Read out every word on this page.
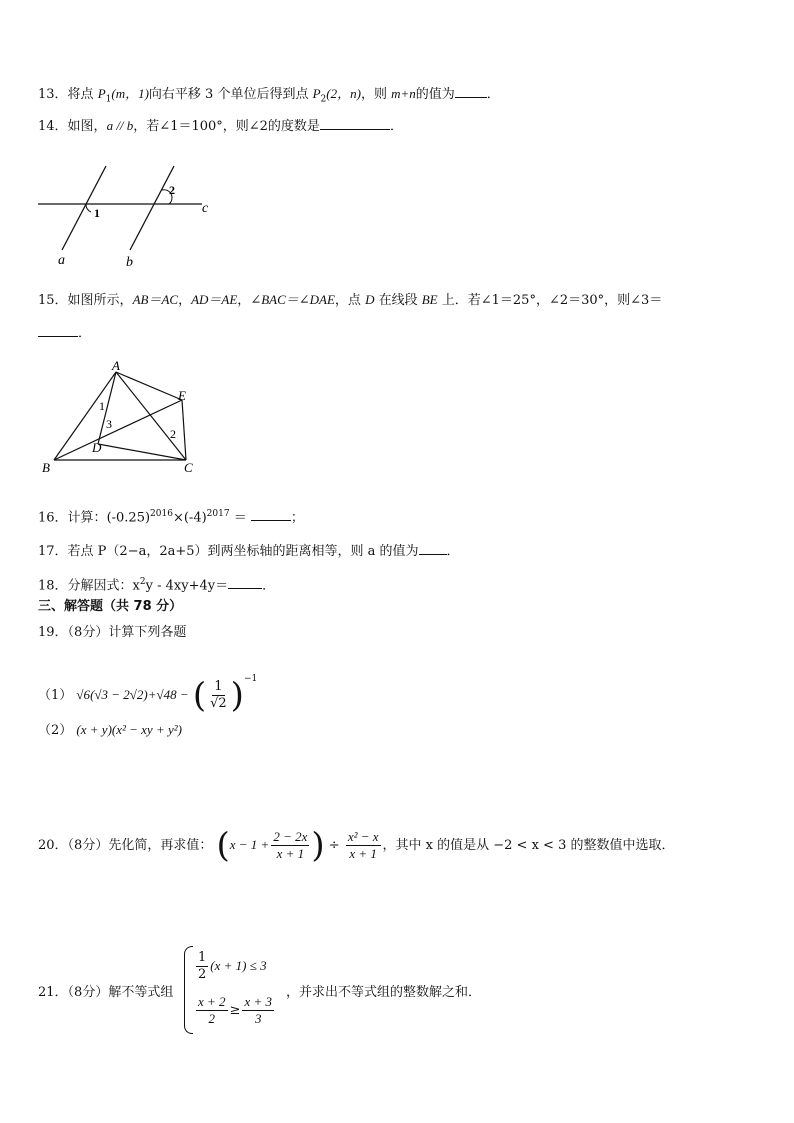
13．将点 $P_1(m$，1)向右平移 3 个单位后得到点 $P_2(2$，n)，则 m+n的值为 ．
14．如图，a // b，若∠1＝100°，则∠2的度数是	．
1
2
a	b
c
15．如图所示，AB＝AC，AD＝AE，∠BAC＝∠DAE，点 D 在线段 BE 上．若∠1＝25°，∠2＝30°，则∠3＝
．
A
B	C
D
E
1
2
3
16．计算：$(-0.25)^{2016}\times(-4)^{2017}$ ＝	；
17．若点 P（2−a，2a+5）到两坐标轴的距离相等，则 a 的值为 ．
18．分解因式：$x^2y - 4xy+4y=$	．
三、解答题（共 78 分）
19．（8分）计算下列各题
（1） √6(√3 − 2√2)+√48 − ( $\frac{1}{√2} )^{-1}$
（2） (x + y)(x² − xy + y²)
20．（8分）先化简，再求值： ($x - 1 + \frac{2 - 2x}{x + 1}$ ) ÷ $\frac{\text{x² − x}}{x + 1}$ ，其中 x 的值是从 −2 < x < 3 的整数值中选取．
21．（8分）解不等式组
$\frac{1}{2} (x + 1) \le 3$
$\frac{x + 2}{2} \ge \frac{x + 3}{3}$
，并求出不等式组的整数解之和．
